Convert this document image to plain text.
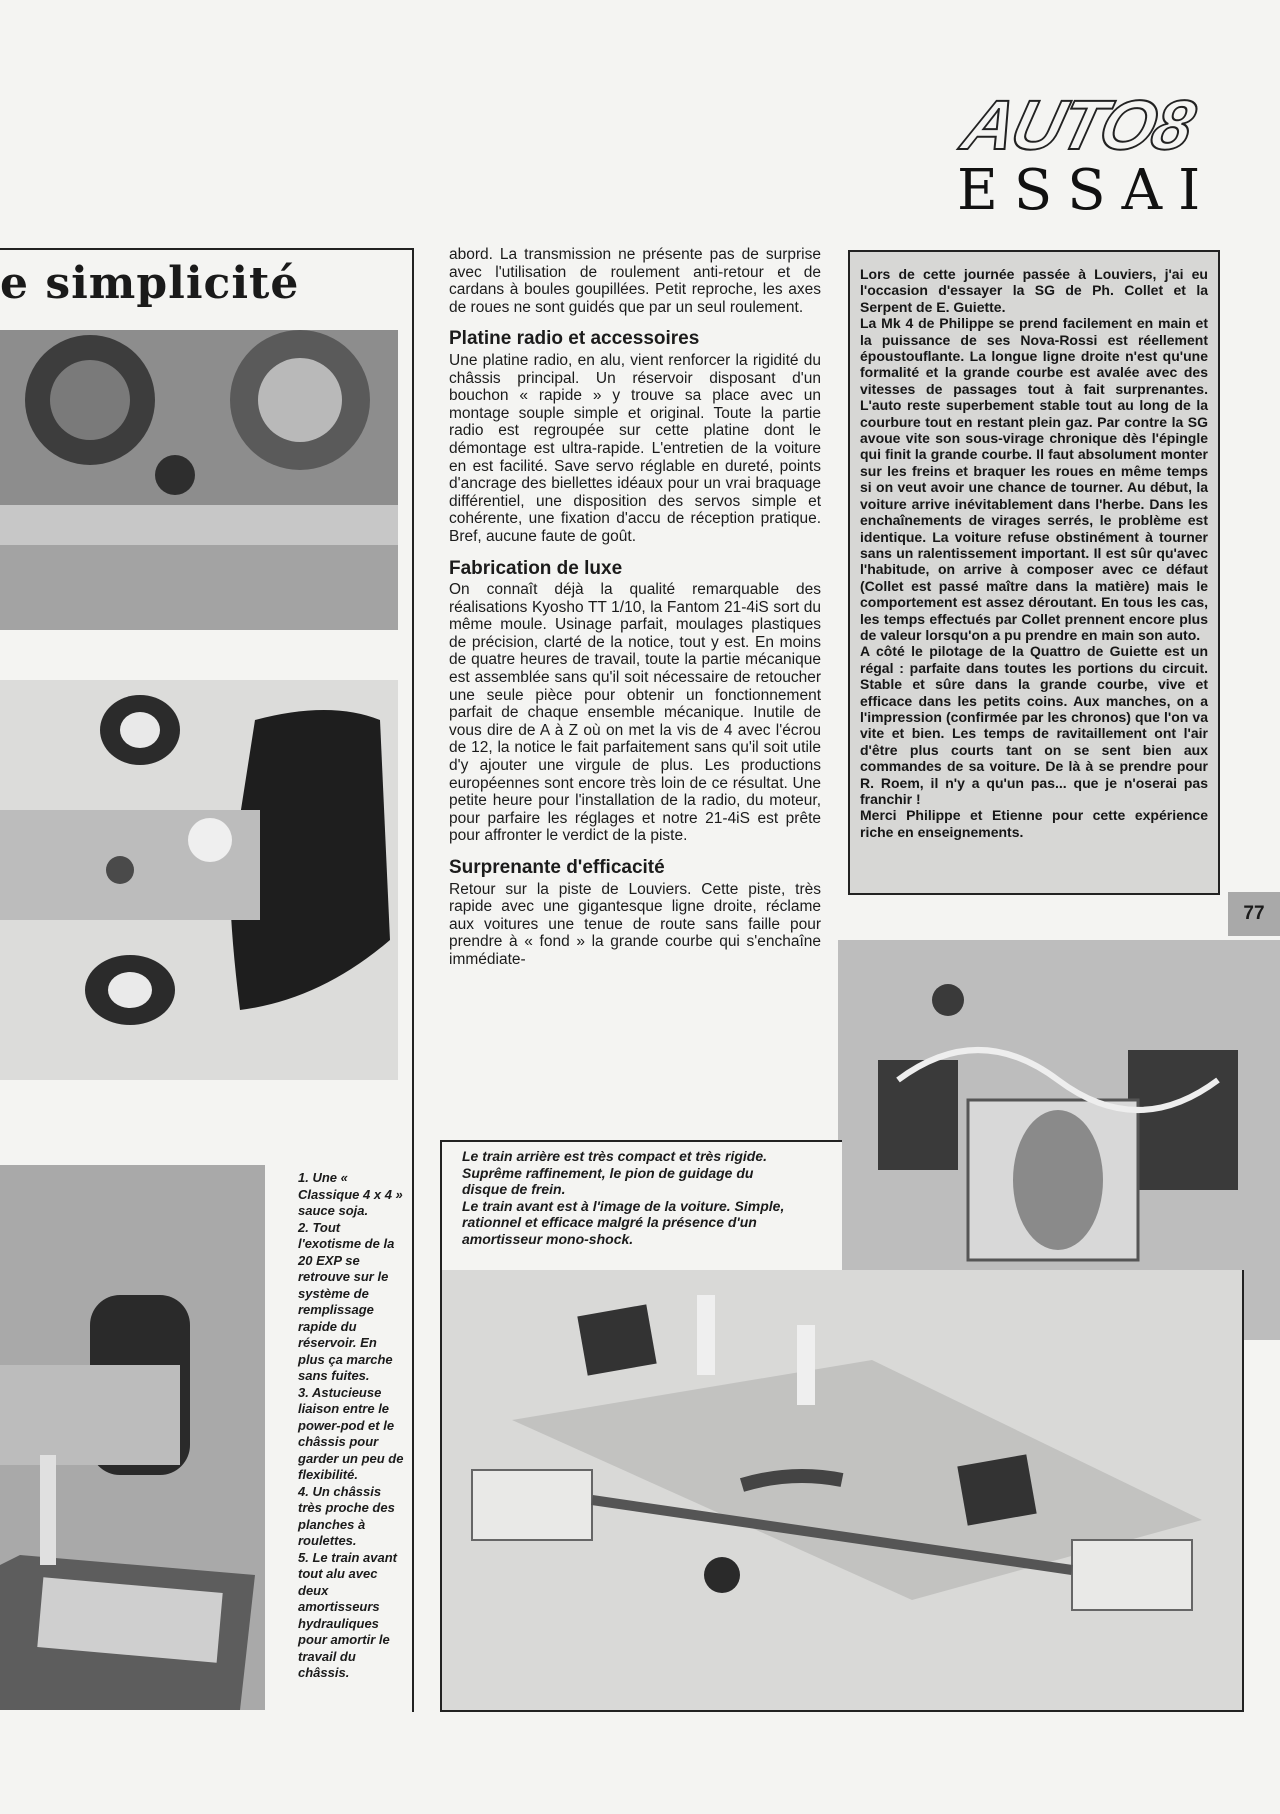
AUTO8
ESSAI
e simplicité

1. Une « Classique 4 x 4 » sauce soja.

2. Tout l'exotisme de la 20 EXP se retrouve sur le système de remplissage rapide du réservoir. En plus ça marche sans fuites.

3. Astucieuse liaison entre le power-pod et le châssis pour garder un peu de flexibilité.

4. Un châssis très proche des planches à roulettes.

5. Le train avant tout alu avec deux amortisseurs hydrauliques pour amortir le travail du châssis.

abord. La transmission ne présente pas de surprise avec l'utilisation de roulement anti-retour et de cardans à boules goupillées. Petit reproche, les axes de roues ne sont guidés que par un seul roulement.

Platine radio et accessoires

Une platine radio, en alu, vient renforcer la rigidité du châssis principal. Un réservoir disposant d'un bouchon « rapide » y trouve sa place avec un montage souple simple et original. Toute la partie radio est regroupée sur cette platine dont le démontage est ultra-rapide. L'entretien de la voiture en est facilité. Save servo réglable en dureté, points d'ancrage des biellettes idéaux pour un vrai braquage différentiel, une disposition des servos simple et cohérente, une fixation d'accu de réception pratique. Bref, aucune faute de goût.

Fabrication de luxe

On connaît déjà la qualité remarquable des réalisations Kyosho TT 1/10, la Fantom 21-4iS sort du même moule. Usinage parfait, moulages plastiques de précision, clarté de la notice, tout y est. En moins de quatre heures de travail, toute la partie mécanique est assemblée sans qu'il soit nécessaire de retoucher une seule pièce pour obtenir un fonctionnement parfait de chaque ensemble mécanique. Inutile de vous dire de A à Z où on met la vis de 4 avec l'écrou de 12, la notice le fait parfaitement sans qu'il soit utile d'y ajouter une virgule de plus. Les productions européennes sont encore très loin de ce résultat. Une petite heure pour l'installation de la radio, du moteur, pour parfaire les réglages et notre 21-4iS est prête pour affronter le verdict de la piste.

Surprenante d'efficacité

Retour sur la piste de Louviers. Cette piste, très rapide avec une gigantesque ligne droite, réclame aux voitures une tenue de route sans faille pour prendre à « fond » la grande courbe qui s'enchaîne immédiate-

Lors de cette journée passée à Louviers, j'ai eu l'occasion d'essayer la SG de Ph. Collet et la Serpent de E. Guiette.

La Mk 4 de Philippe se prend facilement en main et la puissance de ses Nova-Rossi est réellement époustouflante. La longue ligne droite n'est qu'une formalité et la grande courbe est avalée avec des vitesses de passages tout à fait surprenantes. L'auto reste superbement stable tout au long de la courbure tout en restant plein gaz. Par contre la SG avoue vite son sous-virage chronique dès l'épingle qui finit la grande courbe. Il faut absolument monter sur les freins et braquer les roues en même temps si on veut avoir une chance de tourner. Au début, la voiture arrive inévitablement dans l'herbe. Dans les enchaînements de virages serrés, le problème est identique. La voiture refuse obstinément à tourner sans un ralentissement important. Il est sûr qu'avec l'habitude, on arrive à composer avec ce défaut (Collet est passé maître dans la matière) mais le comportement est assez déroutant. En tous les cas, les temps effectués par Collet prennent encore plus de valeur lorsqu'on a pu prendre en main son auto.

A côté le pilotage de la Quattro de Guiette est un régal : parfaite dans toutes les portions du circuit. Stable et sûre dans la grande courbe, vive et efficace dans les petits coins. Aux manches, on a l'impression (confirmée par les chronos) que l'on va vite et bien. Les temps de ravitaillement ont l'air d'être plus courts tant on se sent bien aux commandes de sa voiture. De là à se prendre pour R. Roem, il n'y a qu'un pas... que je n'oserai pas franchir !

Merci Philippe et Etienne pour cette expérience riche en enseignements.

77

Le train arrière est très compact et très rigide. Suprême raffinement, le pion de guidage du disque de frein.

Le train avant est à l'image de la voiture. Simple, rationnel et efficace malgré la présence d'un amortisseur mono-shock.
